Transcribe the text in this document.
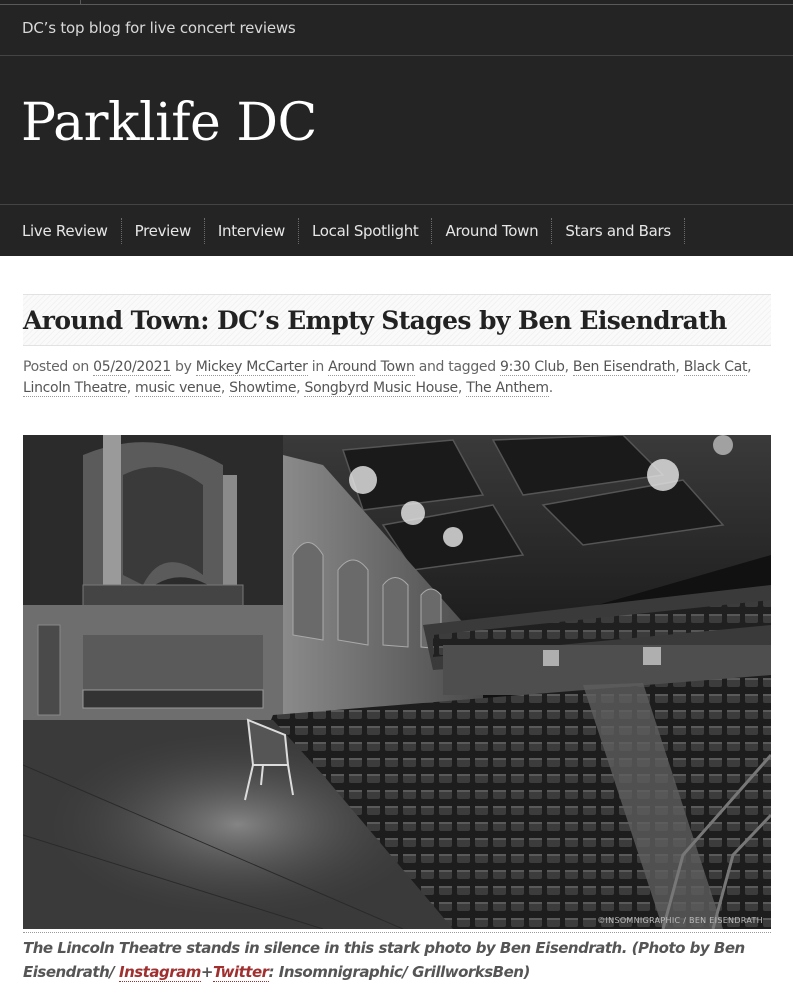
DC’s top blog for live concert reviews
Parklife DC
Live Review	Preview	Interview	Local Spotlight	Around Town	Stars and Bars
Around Town: DC’s Empty Stages by Ben Eisendrath
Posted on 05/20/2021 by Mickey McCarter in Around Town and tagged 9:30 Club, Ben Eisendrath, Black Cat, Lincoln Theatre, music venue, Showtime, Songbyrd Music House, The Anthem.
©INSOMNIGRAPHIC / BEN EISENDRATH

The Lincoln Theatre stands in silence in this stark photo by Ben Eisendrath. (Photo by Ben Eisendrath/ Instagram+Twitter: Insomnigraphic/ GrillworksBen)
